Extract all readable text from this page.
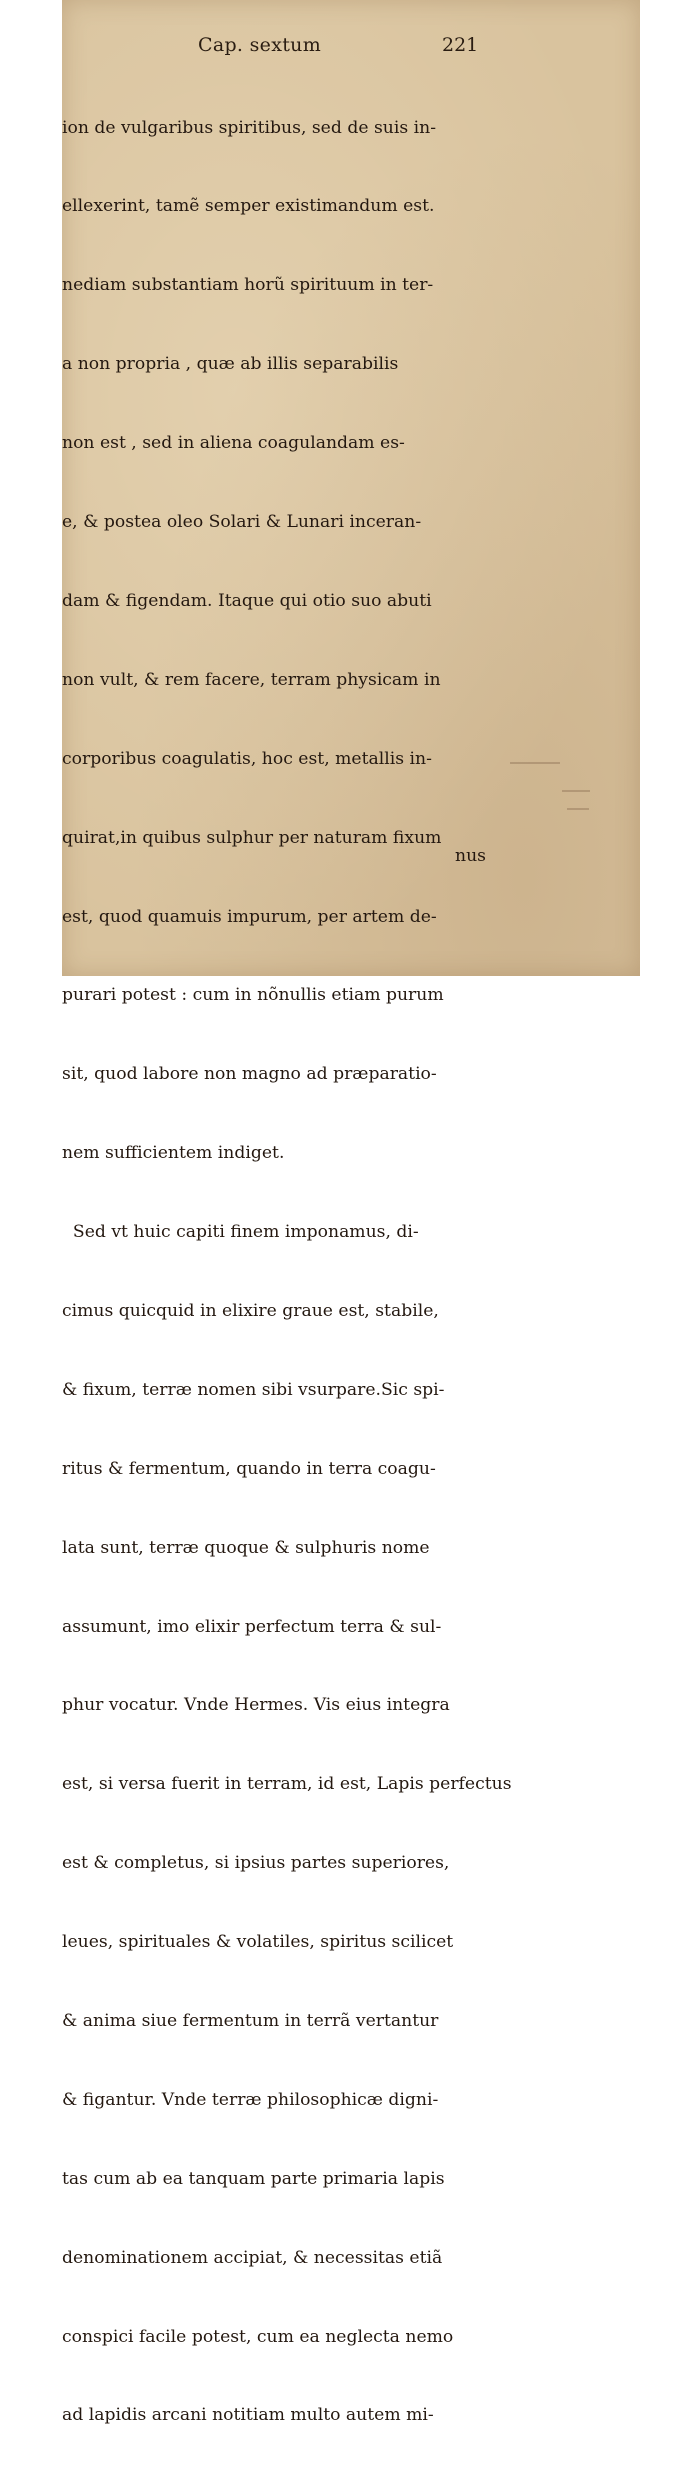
Cap. sextum	221

ion de vulgaribus spiritibus, sed de suis in-

ellexerint, tamẽ semper existimandum est.

nediam substantiam horũ spirituum in ter-

a non propria , quæ ab illis separabilis

non est , sed in aliena coagulandam es-

e, & postea oleo Solari & Lunari inceran-

dam & figendam. Itaque qui otio suo abuti

non vult, & rem facere, terram physicam in

corporibus coagulatis, hoc est, metallis in-

quirat,in quibus sulphur per naturam fixum

est, quod quamuis impurum, per artem de-

purari potest : cum in nõnullis etiam purum

sit, quod labore non magno ad præparatio-

nem sufficientem indiget.

Sed vt huic capiti finem imponamus, di-

cimus quicquid in elixire graue est, stabile,

& fixum, terræ nomen sibi vsurpare.Sic spi-

ritus & fermentum, quando in terra coagu-

lata sunt, terræ quoque & sulphuris nome

assumunt, imo elixir perfectum terra & sul-

phur vocatur. Vnde Hermes. Vis eius integra

est, si versa fuerit in terram, id est, Lapis perfectus

est & completus, si ipsius partes superiores,

leues, spirituales & volatiles, spiritus scilicet

& anima siue fermentum in terrã vertantur

& figantur. Vnde terræ philosophicæ digni-

tas cum ab ea tanquam parte primaria lapis

denominationem accipiat, & necessitas etiã

conspici facile potest, cum ea neglecta nemo

ad lapidis arcani notitiam multo autem mi-

nus
